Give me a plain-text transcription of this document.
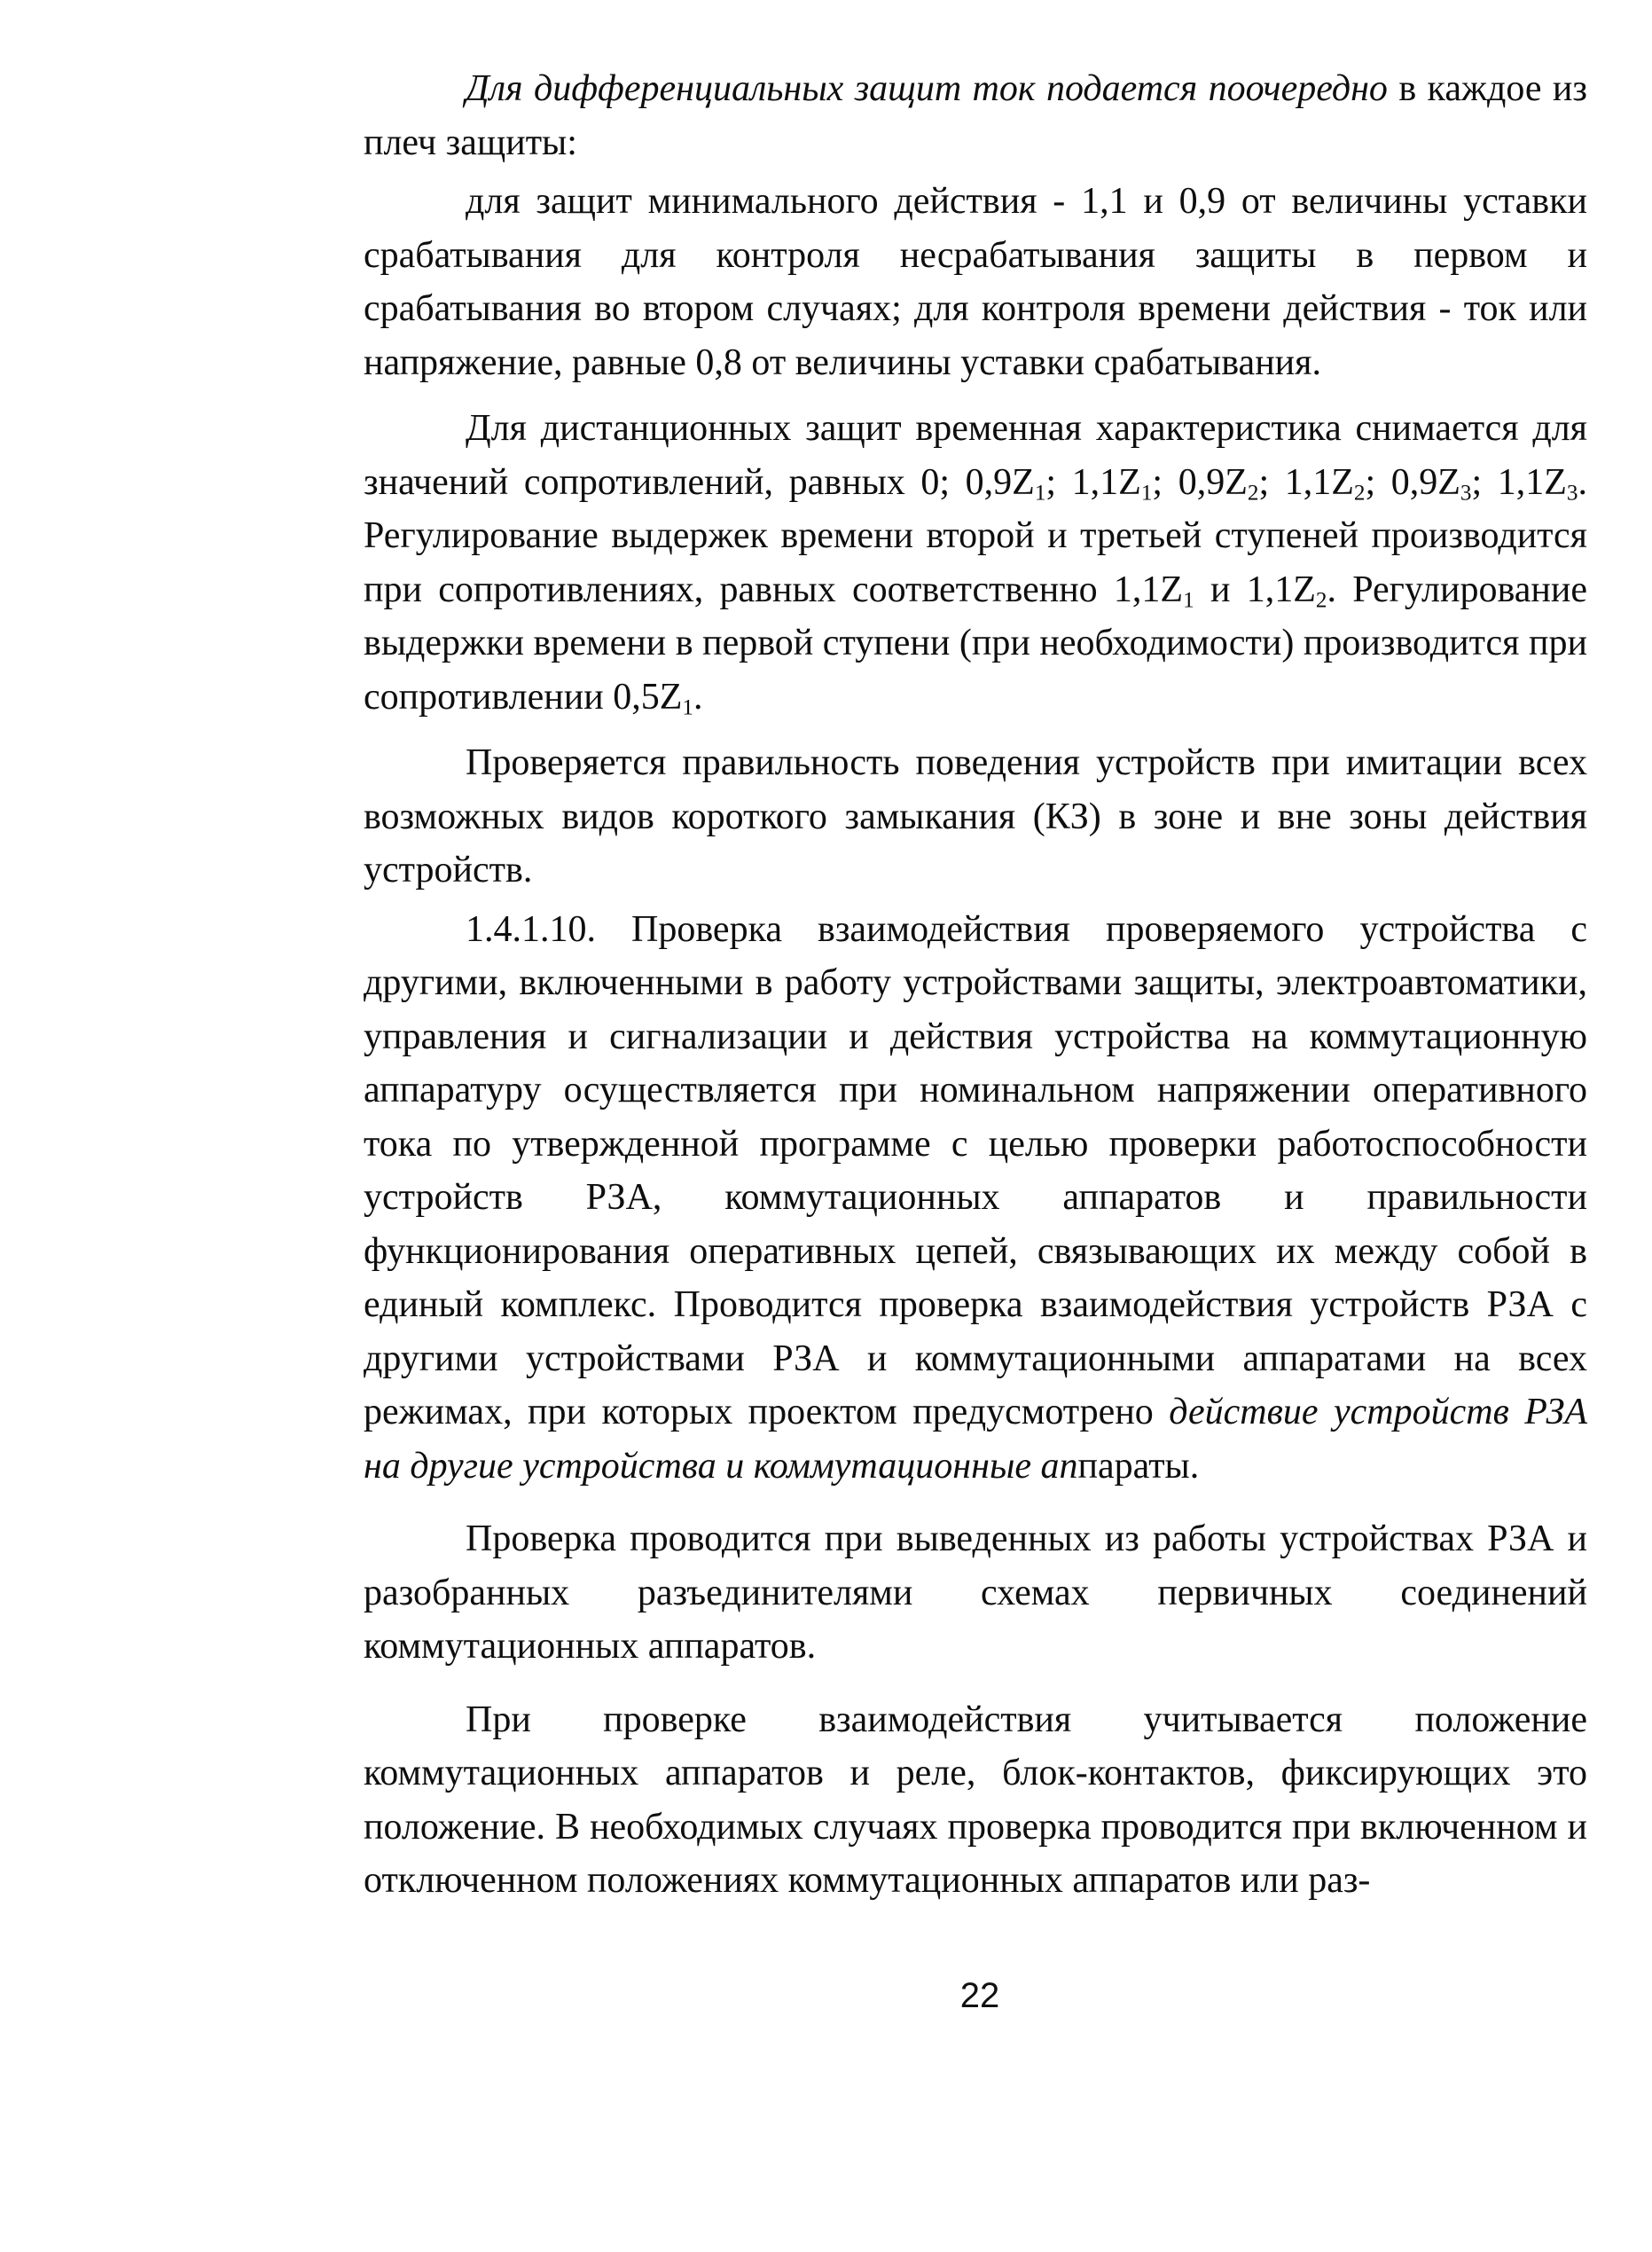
Для дифференциальных защит ток подается поочередно в каждое из плеч защиты:

для защит минимального действия - 1,1 и 0,9 от величины уставки срабатывания для контроля несрабатывания защиты в первом и срабатывания во втором случаях; для контроля времени действия - ток или напряжение, равные 0,8 от величины уставки срабатывания.

Для дистанционных защит временная характеристика снимается для значений сопротивлений, равных 0; $0,9Z_1$; $1,1Z_1$; $0,9Z_2$; $1,1Z_2$; $0,9Z_3$; $1,1Z_3$. Регулирование выдержек времени второй и третьей ступеней производится при сопротивлениях, равных соответственно $1,1Z_1$ и $1,1Z_2$. Регулирование выдержки времени в первой ступени (при необходимости) производится при сопротивлении $0,5Z_1$.

Проверяется правильность поведения устройств при имитации всех возможных видов короткого замыкания (КЗ) в зоне и вне зоны действия устройств.

1.4.1.10. Проверка взаимодействия проверяемого устройства с другими, включенными в работу устройствами защиты, электроавтоматики, управления и сигнализации и действия устройства на коммутационную аппаратуру осуществляется при номинальном напряжении оперативного тока по утвержденной программе с целью проверки работоспособности устройств РЗА, коммутационных аппаратов и правильности функционирования оперативных цепей, связывающих их между собой в единый комплекс. Проводится проверка взаимодействия устройств РЗА с другими устройствами РЗА и коммутационными аппаратами на всех режимах, при которых проектом предусмотрено действие устройств РЗА на другие устройства и коммутационные аппараты.

Проверка проводится при выведенных из работы устройствах РЗА и разобранных разъединителями схемах первичных соединений коммутационных аппаратов.

При проверке взаимодействия учитывается положение коммутационных аппаратов и реле, блок-контактов, фиксирующих это положение. В необходимых случаях проверка проводится при включенном и отключенном положениях коммутационных аппаратов или раз-

22
